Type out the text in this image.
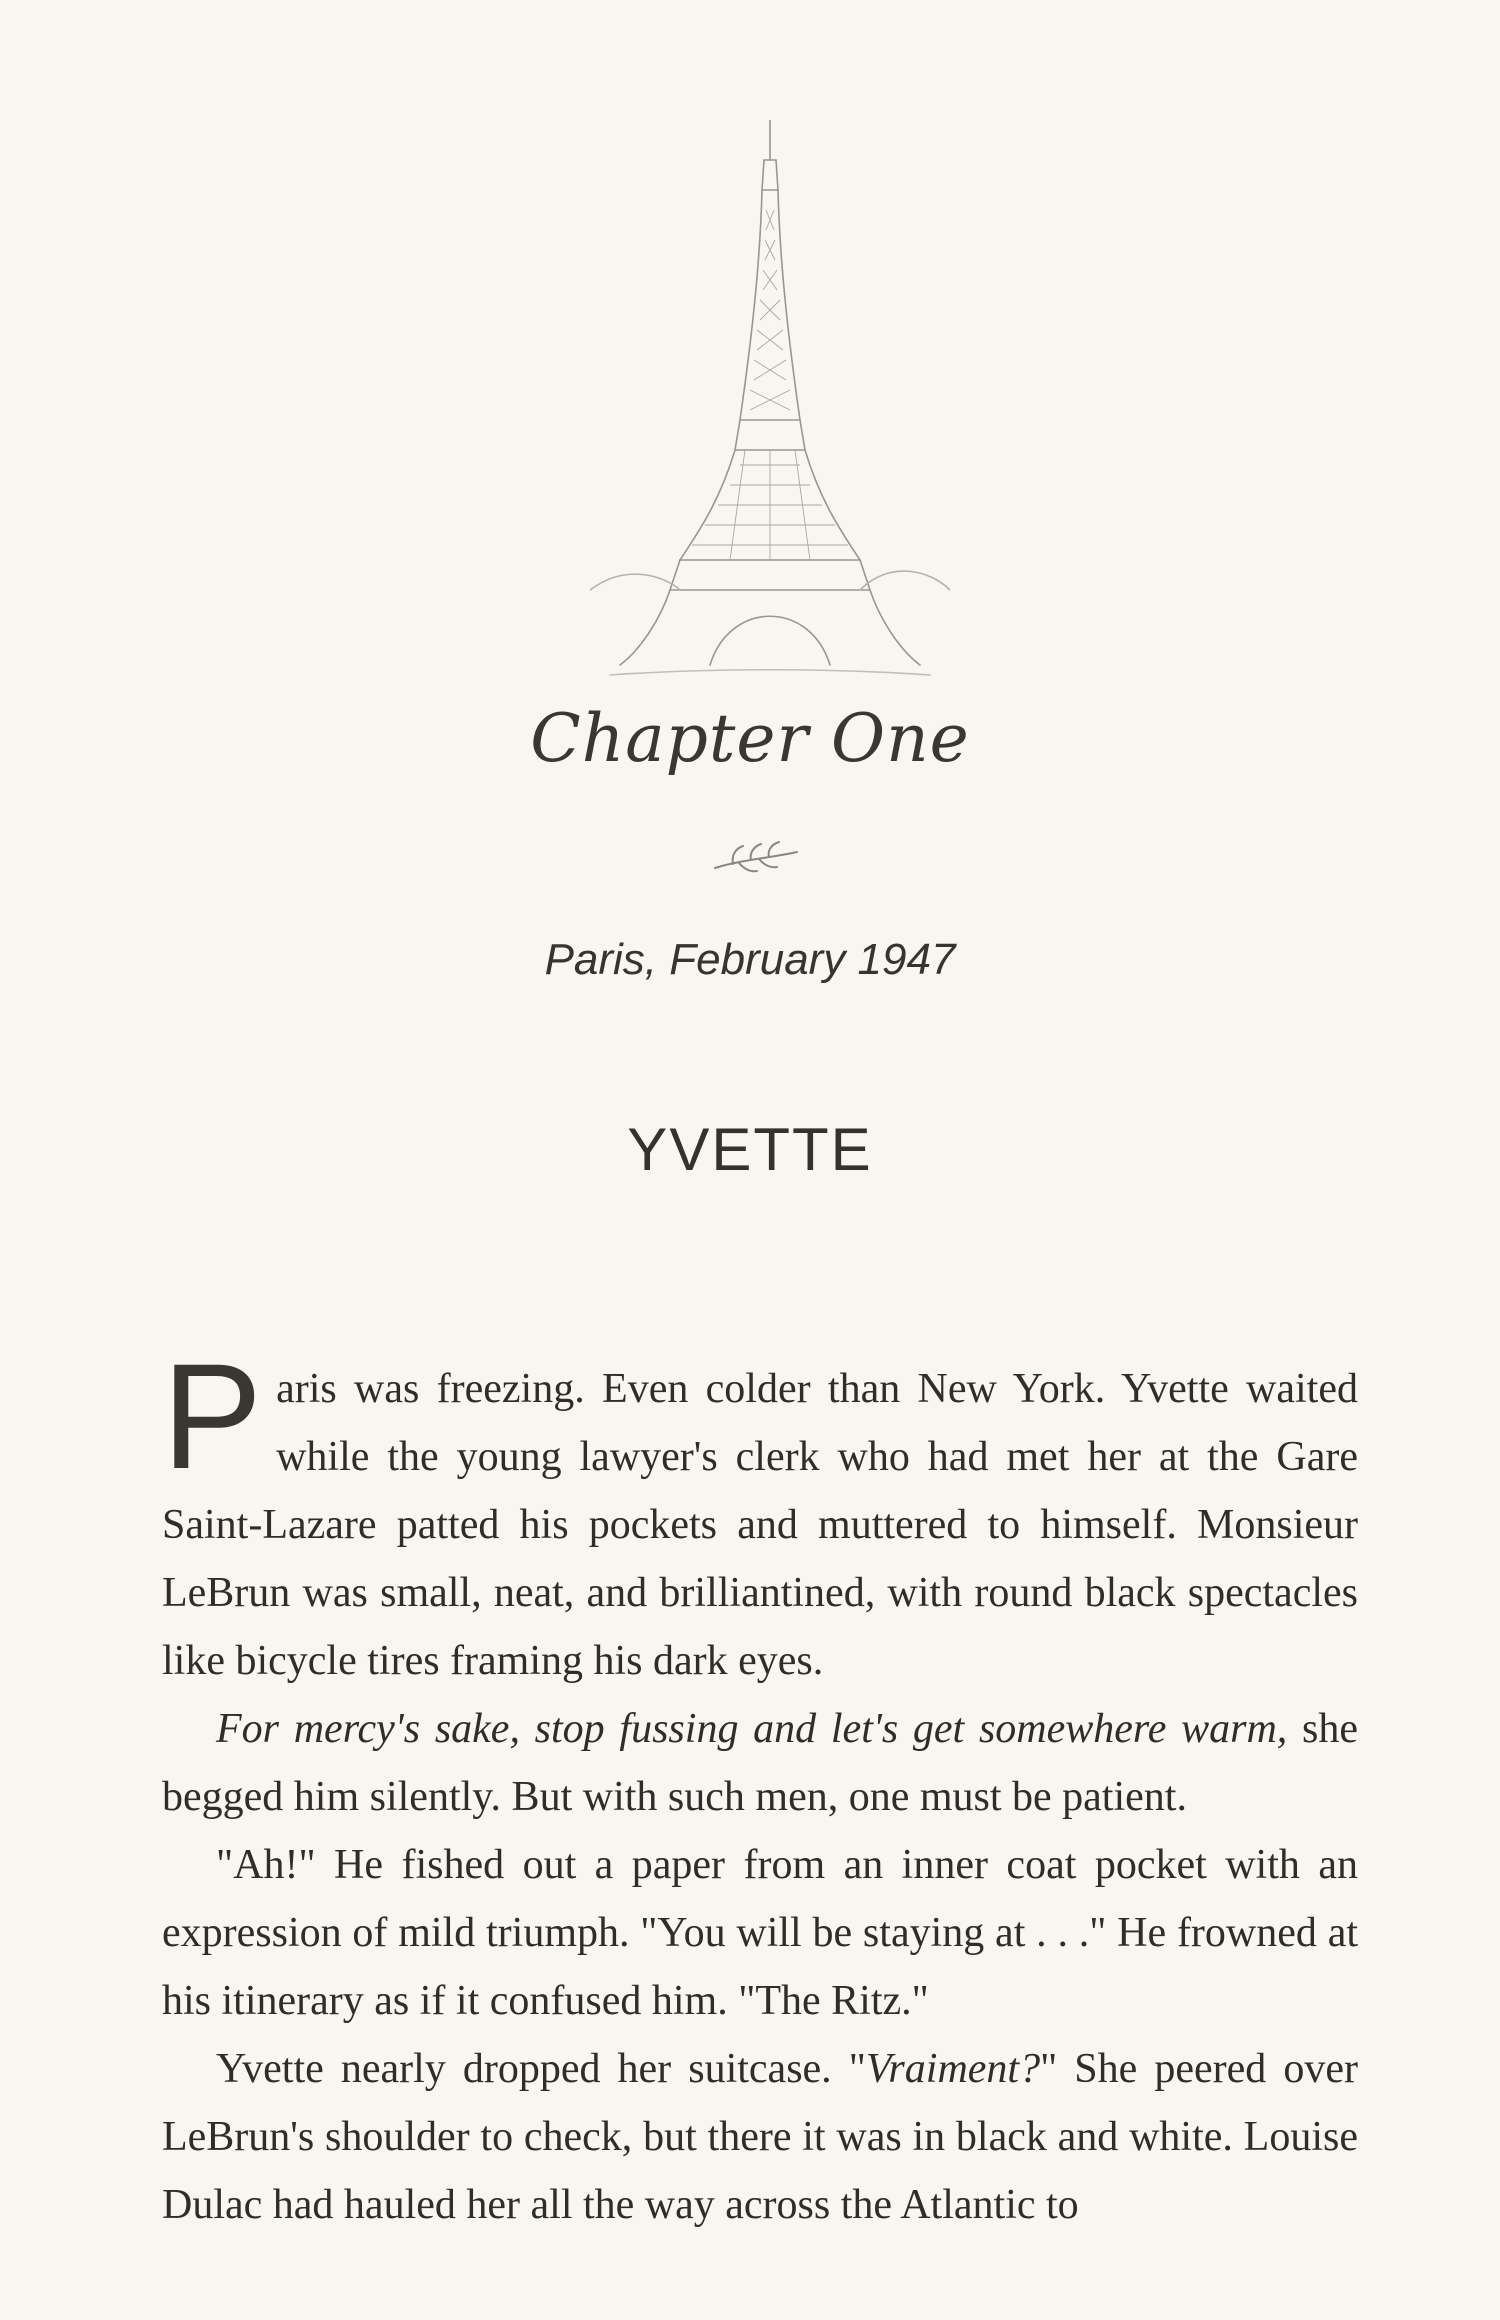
Chapter One
Paris, February 1947
YVETTE

Paris was freezing. Even colder than New York. Yvette waited while the young lawyer's clerk who had met her at the Gare Saint-Lazare patted his pockets and muttered to himself. Monsieur LeBrun was small, neat, and brilliantined, with round black spectacles like bicycle tires framing his dark eyes.

For mercy's sake, stop fussing and let's get somewhere warm, she begged him silently. But with such men, one must be patient.

"Ah!" He fished out a paper from an inner coat pocket with an expression of mild triumph. "You will be staying at . . ." He frowned at his itinerary as if it confused him. "The Ritz."

Yvette nearly dropped her suitcase. "Vraiment?" She peered over LeBrun's shoulder to check, but there it was in black and white. Louise Dulac had hauled her all the way across the Atlantic to
